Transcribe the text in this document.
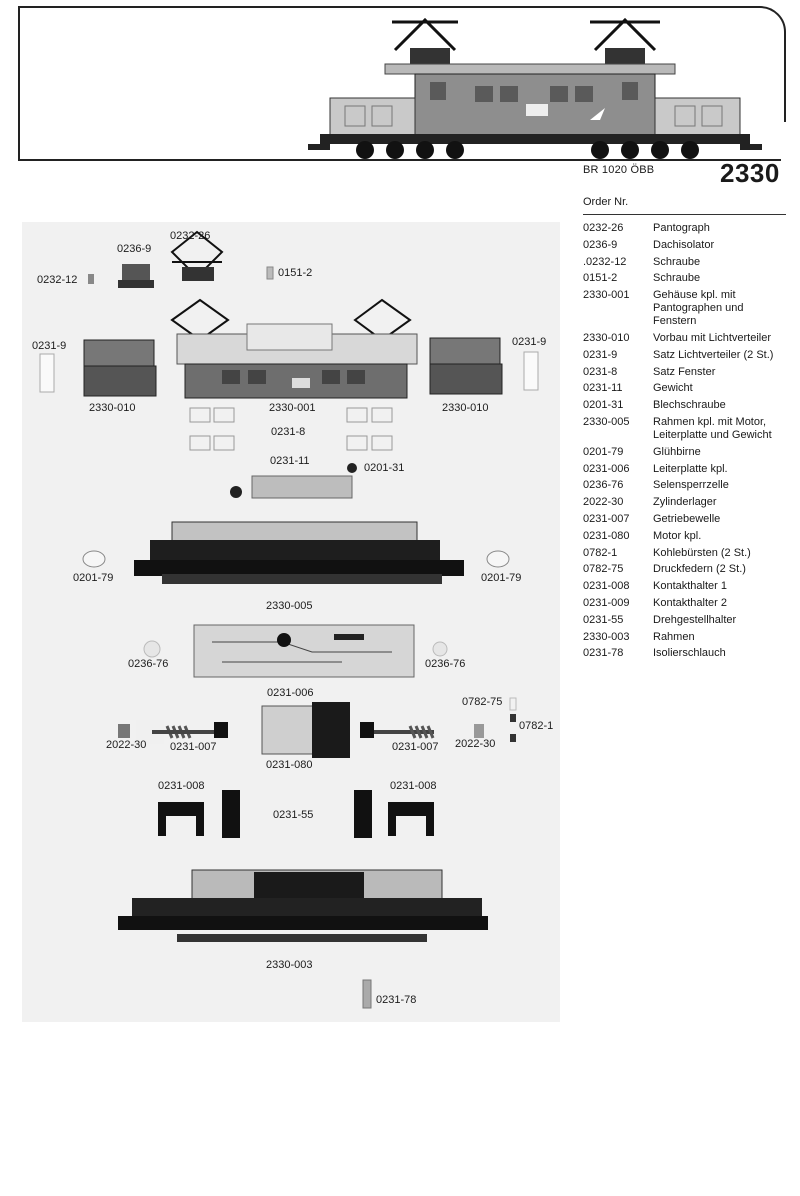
BR 1020 ÖBB	2330
0232-26
0236-9
0232-12
0151-2
0231-9	0231-9
2330-010	2330-001	2330-010
0231-8
0231-11
0201-31
0201-79	0201-79
2330-005
0236-76	0236-76
0231-006
0782-75
0782-1
2022-30 0231-007
0231-080
0231-007 2022-30
0231-008	0231-008
0231-55
2330-003
0231-78
Order Nr.
0232-26	Pantograph
0236-9	Dachisolator
.0232-12	Schraube
0151-2	Schraube
2330-001	Gehäuse kpl. mit Pantographen und Fenstern
2330-010	Vorbau mit Lichtverteiler
0231-9	Satz Lichtverteiler (2 St.)
0231-8	Satz Fenster
0231-11	Gewicht
0201-31	Blechschraube
2330-005	Rahmen kpl. mit Motor, Leiterplatte und Gewicht
0201-79	Glühbirne
0231-006	Leiterplatte kpl.
0236-76	Selensperrzelle
2022-30	Zylinderlager
0231-007	Getriebewelle
0231-080	Motor kpl.
0782-1	Kohlebürsten (2 St.)
0782-75	Druckfedern (2 St.)
0231-008	Kontakthalter 1
0231-009	Kontakthalter 2
0231-55	Drehgestellhalter
2330-003	Rahmen
0231-78	Isolierschlauch
